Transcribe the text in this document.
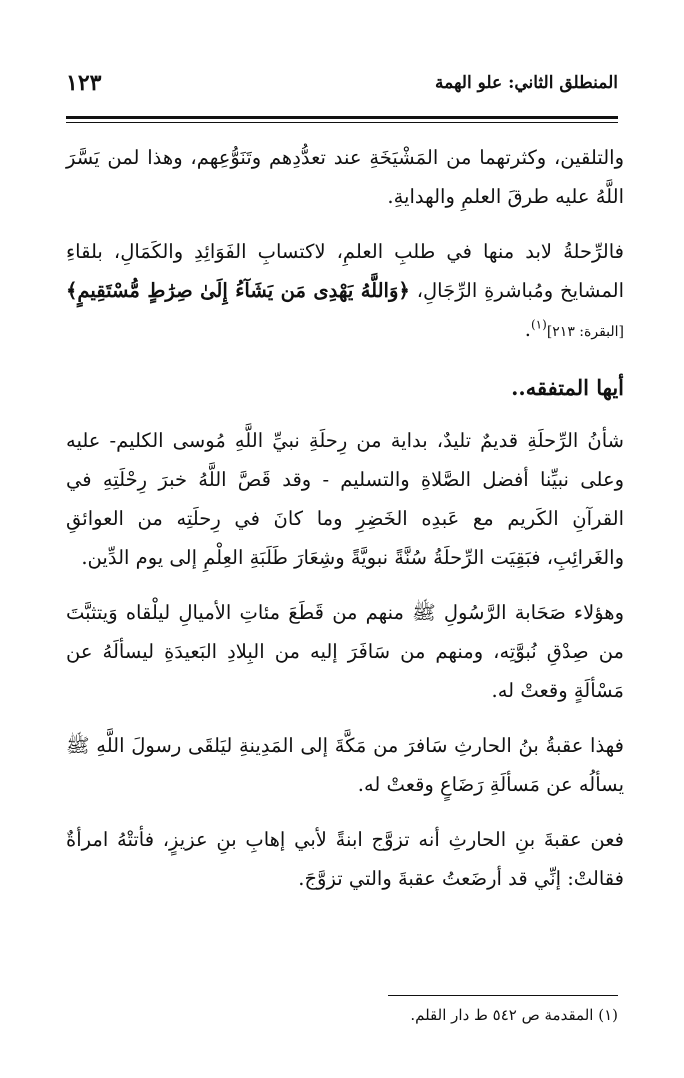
المنطلق الثاني: علو الهمة
١٢٣

والتلقين، وكثرتهما من المَشْيَخَةِ عند تعدُّدِهم وتَنَوُّعِهم، وهذا لمن يَسَّرَ اللَّهُ عليه طرقَ العلمِ والهدايةِ.

فالرِّحلةُ لابد منها في طلبِ العلمِ، لاكتسابِ الفَوَائِدِ والكَمَالِ، بلقاءِ المشايخ ومُباشرةِ الرِّجَالِ، ﴿وَاللَّهُ يَهْدِى مَن يَشَآءُ إِلَىٰ صِرَٰطٍ مُّسْتَقِيمٍ﴾ [البقرة: ٢١٣]$^{(١)}$.

أيها المتفقه..

شأنُ الرِّحلَةِ قديمٌ تليدٌ، بداية من رِحلَةِ نبيِّ اللَّهِ مُوسى الكليم- عليه وعلى نبيِّنا أفضل الصَّلاةِ والتسليم - وقد قَصَّ اللَّهُ خبرَ رِحْلَتِهِ في القرآنِ الكَريم مع عَبدِه الخَضِرِ وما كانَ في رِحلَتِه من العوائقِ والغَرائِبِ، فبَقِيَت الرِّحلَةُ سُنَّةً نبويَّةً وشِعَارَ طَلَبَةِ العِلْمِ إلى يوم الدِّين.

وهؤلاء صَحَابة الرَّسُولِ ﷺ منهم من قَطَعَ مئاتِ الأميالِ ليلْقاه وَيتثبَّتَ من صِدْقِ نُبوَّتِه، ومنهم من سَافَرَ إليه من البِلادِ البَعيدَةِ ليسألَهُ عن مَسْألَةٍ وقعتْ له.

فهذا عقبةُ بنُ الحارثِ سَافرَ من مَكَّةَ إلى المَدِينةِ ليَلقَى رسولَ اللَّهِ ﷺ يسألُه عن مَسألَةِ رَضَاعٍ وقعتْ له.

فعن عقبةَ بنِ الحارثِ أنه تزوَّج ابنةً لأبي إهابِ بنِ عزيزٍ، فأتتْهُ امرأةٌ فقالتْ: إنِّي قد أرضَعتُ عقبةَ والتي تزوَّجَ.

(١) المقدمة ص ٥٤٢ ط دار القلم.
